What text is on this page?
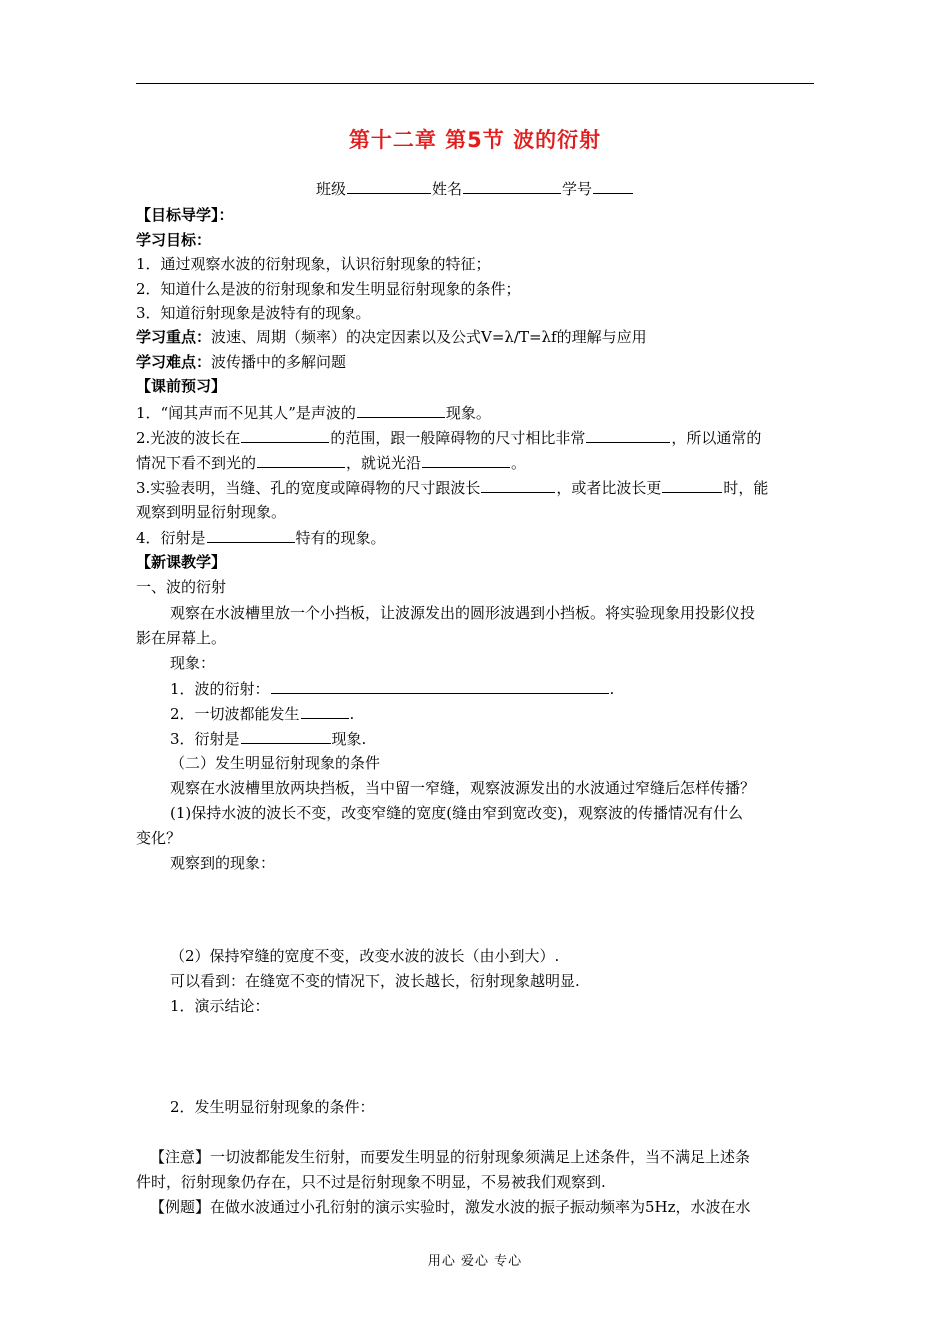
第十二章 第5节 波的衍射
班级	姓名	学号
【目标导学】：
学习目标：
1．通过观察水波的衍射现象，认识衍射现象的特征；
2．知道什么是波的衍射现象和发生明显衍射现象的条件；
3．知道衍射现象是波特有的现象。
学习重点：波速、周期（频率）的决定因素以及公式V=λ/T=λf的理解与应用
学习难点：波传播中的多解问题
【课前预习】
1．“闻其声而不见其人”是声波的	现象。
2.光波的波长在	的范围，跟一般障碍物的尺寸相比非常	，所以通常的
情况下看不到光的	，就说光沿	。
3.实验表明，当缝、孔的宽度或障碍物的尺寸跟波长	，或者比波长更	时，能
观察到明显衍射现象。
4．衍射是	特有的现象。
【新课教学】
一、波的衍射
观察在水波槽里放一个小挡板，让波源发出的圆形波遇到小挡板。将实验现象用投影仪投
影在屏幕上。
现象：
1．波的衍射：	.
2．一切波都能发生	.
3．衍射是	现象.
（二）发生明显衍射现象的条件
观察在水波槽里放两块挡板，当中留一窄缝，观察波源发出的水波通过窄缝后怎样传播？
(1)保持水波的波长不变，改变窄缝的宽度(缝由窄到宽改变)，观察波的传播情况有什么
变化？
观察到的现象：
（2）保持窄缝的宽度不变，改变水波的波长（由小到大）.
可以看到：在缝宽不变的情况下，波长越长，衍射现象越明显.
1．演示结论：
2．发生明显衍射现象的条件：
【注意】一切波都能发生衍射，而要发生明显的衍射现象须满足上述条件，当不满足上述条
件时，衍射现象仍存在，只不过是衍射现象不明显，不易被我们观察到.
【例题】在做水波通过小孔衍射的演示实验时，激发水波的振子振动频率为5Hz，水波在水
用心 爱心 专心
